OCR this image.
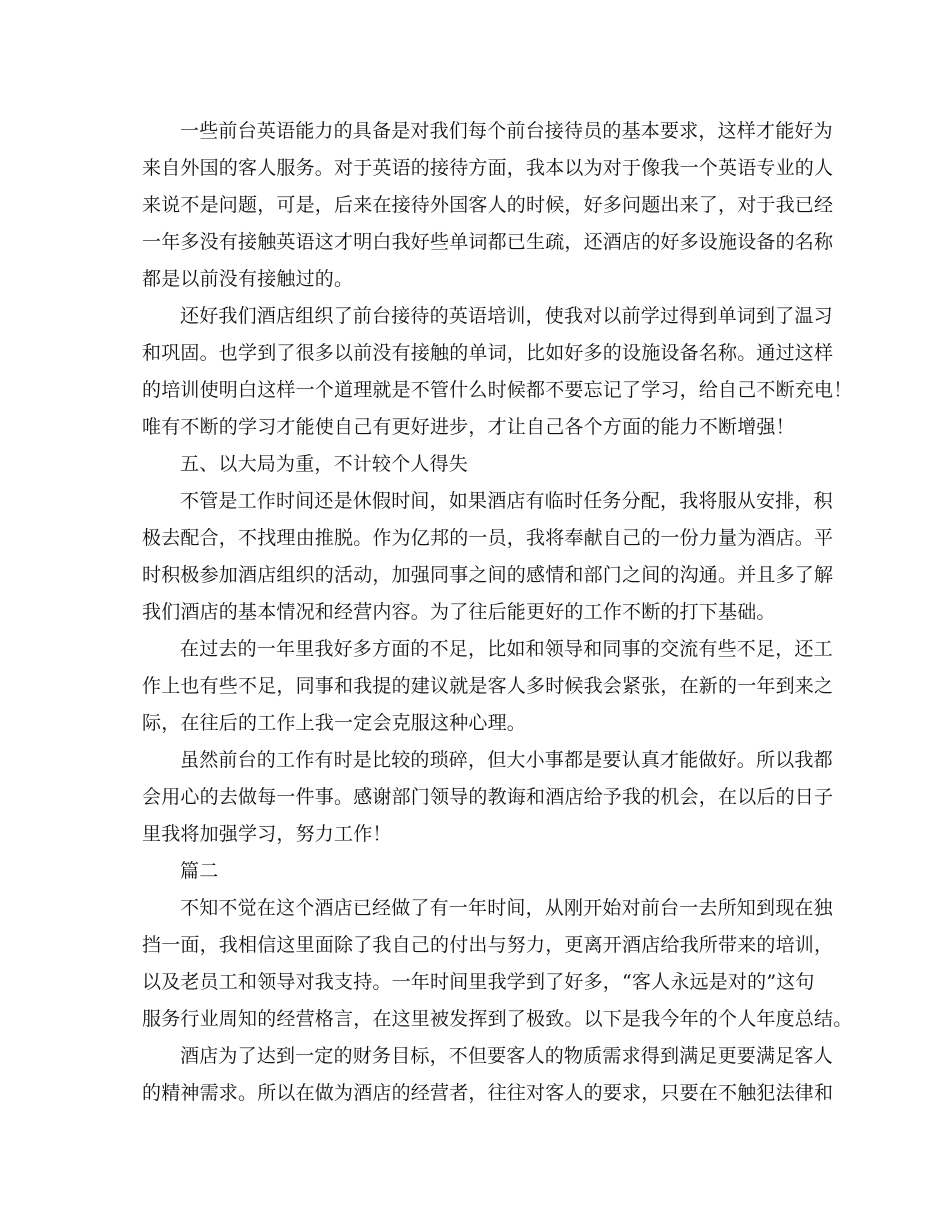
一些前台英语能力的具备是对我们每个前台接待员的基本要求，这样才能好为
来自外国的客人服务。对于英语的接待方面，我本以为对于像我一个英语专业的人
来说不是问题，可是，后来在接待外国客人的时候，好多问题出来了，对于我已经
一年多没有接触英语这才明白我好些单词都已生疏，还酒店的好多设施设备的名称
都是以前没有接触过的。
还好我们酒店组织了前台接待的英语培训，使我对以前学过得到单词到了温习
和巩固。也学到了很多以前没有接触的单词，比如好多的设施设备名称。通过这样
的培训使明白这样一个道理就是不管什么时候都不要忘记了学习，给自己不断充电！
唯有不断的学习才能使自己有更好进步，才让自己各个方面的能力不断增强！
五、以大局为重，不计较个人得失
不管是工作时间还是休假时间，如果酒店有临时任务分配，我将服从安排，积
极去配合，不找理由推脱。作为亿邦的一员，我将奉献自己的一份力量为酒店。平
时积极参加酒店组织的活动，加强同事之间的感情和部门之间的沟通。并且多了解
我们酒店的基本情况和经营内容。为了往后能更好的工作不断的打下基础。
在过去的一年里我好多方面的不足，比如和领导和同事的交流有些不足，还工
作上也有些不足，同事和我提的建议就是客人多时候我会紧张，在新的一年到来之
际，在往后的工作上我一定会克服这种心理。
虽然前台的工作有时是比较的琐碎，但大小事都是要认真才能做好。所以我都
会用心的去做每一件事。感谢部门领导的教诲和酒店给予我的机会，在以后的日子
里我将加强学习，努力工作！
篇二
不知不觉在这个酒店已经做了有一年时间，从刚开始对前台一去所知到现在独
挡一面，我相信这里面除了我自己的付出与努力，更离开酒店给我所带来的培训，
以及老员工和领导对我支持。一年时间里我学到了好多，“客人永远是对的”这句
服务行业周知的经营格言，在这里被发挥到了极致。以下是我今年的个人年度总结。
酒店为了达到一定的财务目标，不但要客人的物质需求得到满足更要满足客人
的精神需求。所以在做为酒店的经营者，往往对客人的要求，只要在不触犯法律和
